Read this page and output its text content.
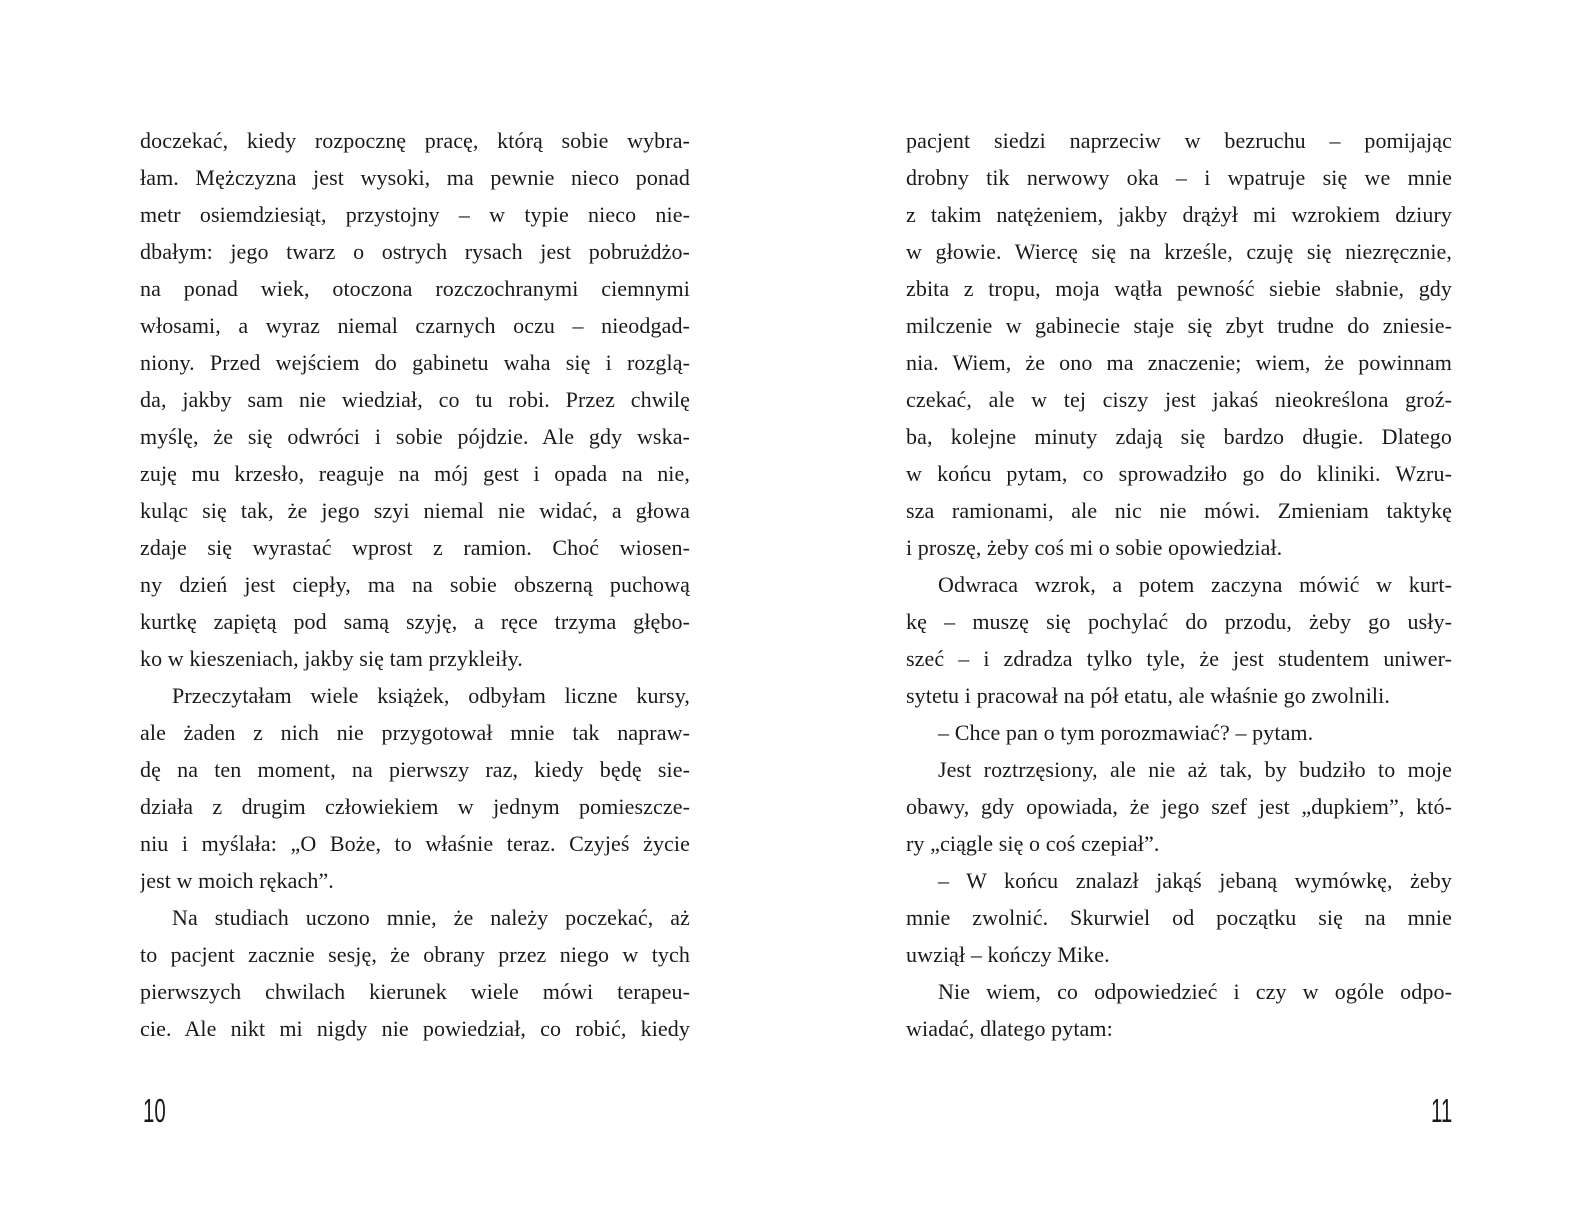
doczekać, kiedy rozpocznę pracę, którą sobie wybra-
łam. Mężczyzna jest wysoki, ma pewnie nieco ponad
metr osiemdziesiąt, przystojny – w typie nieco nie-
dbałym: jego twarz o ostrych rysach jest pobrużdżo-
na ponad wiek, otoczona rozczochranymi ciemnymi
włosami, a wyraz niemal czarnych oczu – nieodgad-
niony. Przed wejściem do gabinetu waha się i rozglą-
da, jakby sam nie wiedział, co tu robi. Przez chwilę
myślę, że się odwróci i sobie pójdzie. Ale gdy wska-
zuję mu krzesło, reaguje na mój gest i opada na nie,
kuląc się tak, że jego szyi niemal nie widać, a głowa
zdaje się wyrastać wprost z ramion. Choć wiosen-
ny dzień jest ciepły, ma na sobie obszerną puchową
kurtkę zapiętą pod samą szyję, a ręce trzyma głębo-
ko w kieszeniach, jakby się tam przykleiły.
Przeczytałam wiele książek, odbyłam liczne kursy,
ale żaden z nich nie przygotował mnie tak napraw-
dę na ten moment, na pierwszy raz, kiedy będę sie-
działa z drugim człowiekiem w jednym pomieszcze-
niu i myślała: „O Boże, to właśnie teraz. Czyjeś życie
jest w moich rękach”.
Na studiach uczono mnie, że należy poczekać, aż
to pacjent zacznie sesję, że obrany przez niego w tych
pierwszych chwilach kierunek wiele mówi terapeu-
cie. Ale nikt mi nigdy nie powiedział, co robić, kiedy
pacjent siedzi naprzeciw w bezruchu – pomijając
drobny tik nerwowy oka – i wpatruje się we mnie
z takim natężeniem, jakby drążył mi wzrokiem dziury
w głowie. Wiercę się na krześle, czuję się niezręcznie,
zbita z tropu, moja wątła pewność siebie słabnie, gdy
milczenie w gabinecie staje się zbyt trudne do zniesie-
nia. Wiem, że ono ma znaczenie; wiem, że powinnam
czekać, ale w tej ciszy jest jakaś nieokreślona groź-
ba, kolejne minuty zdają się bardzo długie. Dlatego
w końcu pytam, co sprowadziło go do kliniki. Wzru-
sza ramionami, ale nic nie mówi. Zmieniam taktykę
i proszę, żeby coś mi o sobie opowiedział.
Odwraca wzrok, a potem zaczyna mówić w kurt-
kę – muszę się pochylać do przodu, żeby go usły-
szeć – i zdradza tylko tyle, że jest studentem uniwer-
sytetu i pracował na pół etatu, ale właśnie go zwolnili.
– Chce pan o tym porozmawiać? – pytam.
Jest roztrzęsiony, ale nie aż tak, by budziło to moje
obawy, gdy opowiada, że jego szef jest „dupkiem”, któ-
ry „ciągle się o coś czepiał”.
– W końcu znalazł jakąś jebaną wymówkę, żeby
mnie zwolnić. Skurwiel od początku się na mnie
uwziął – kończy Mike.
Nie wiem, co odpowiedzieć i czy w ogóle odpo-
wiadać, dlatego pytam:
10	11
